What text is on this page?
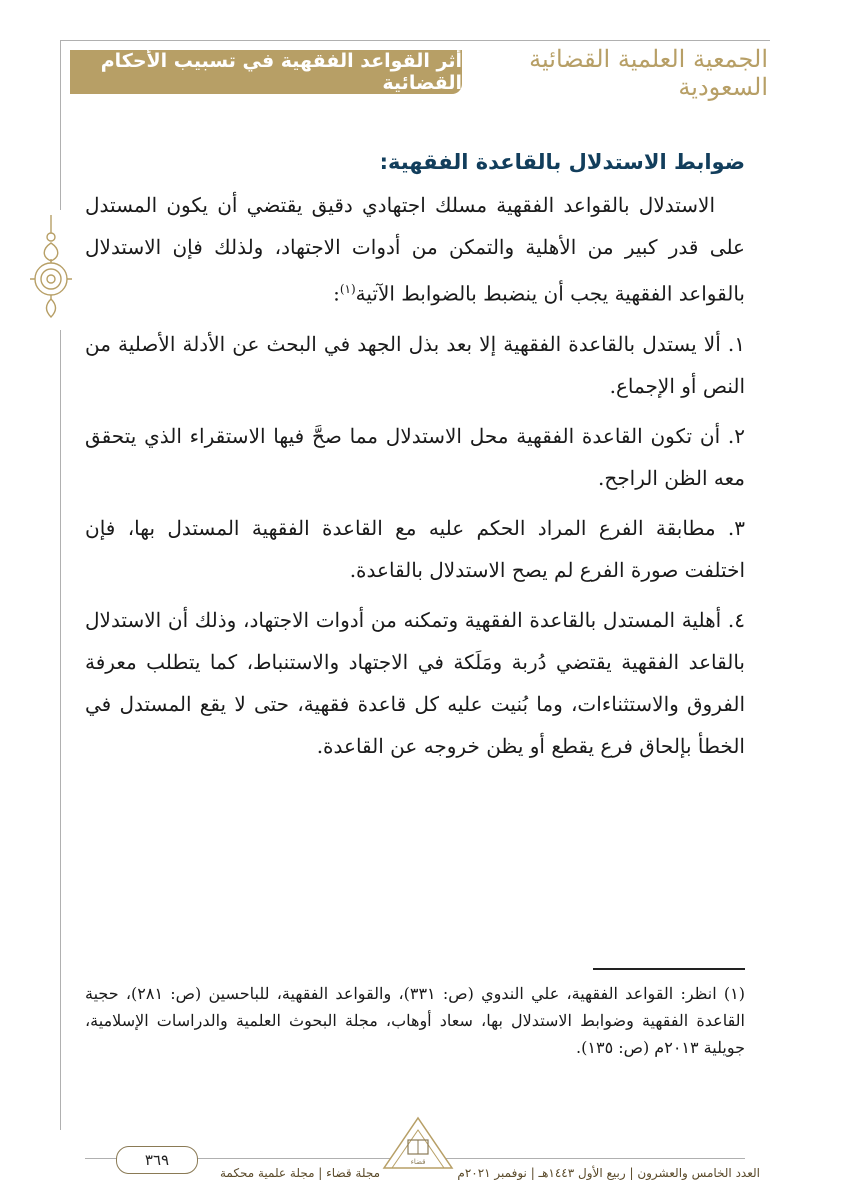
أثر القواعد الفقهية في تسبيب الأحكام القضائية
الجمعية العلمية القضائية السعودية
ضوابط الاستدلال بالقاعدة الفقهية:

الاستدلال بالقواعد الفقهية مسلك اجتهادي دقيق يقتضي أن يكون المستدل على قدر كبير من الأهلية والتمكن من أدوات الاجتهاد، ولذلك فإن الاستدلال بالقواعد الفقهية يجب أن ينضبط بالضوابط الآتية$^{(١)}$:

١. ألا يستدل بالقاعدة الفقهية إلا بعد بذل الجهد في البحث عن الأدلة الأصلية من النص أو الإجماع.

٢. أن تكون القاعدة الفقهية محل الاستدلال مما صحَّ فيها الاستقراء الذي يتحقق معه الظن الراجح.

٣. مطابقة الفرع المراد الحكم عليه مع القاعدة الفقهية المستدل بها، فإن اختلفت صورة الفرع لم يصح الاستدلال بالقاعدة.

٤. أهلية المستدل بالقاعدة الفقهية وتمكنه من أدوات الاجتهاد، وذلك أن الاستدلال بالقاعد الفقهية يقتضي دُربة ومَلَكة في الاجتهاد والاستنباط، كما يتطلب معرفة الفروق والاستثناءات، وما بُنيت عليه كل قاعدة فقهية، حتى لا يقع المستدل في الخطأ بإلحاق فرع يقطع أو يظن خروجه عن القاعدة.

(١) انظر: القواعد الفقهية، علي الندوي (ص: ٣٣١)، والقواعد الفقهية، للباحسين (ص: ٢٨١)، حجية القاعدة الفقهية وضوابط الاستدلال بها، سعاد أوهاب، مجلة البحوث العلمية والدراسات الإسلامية، جويلية ٢٠١٣م (ص: ١٣٥).
٣٦٩	قضاء
العدد الخامس والعشرون | ربيع الأول ١٤٤٣هـ | نوفمبر ٢٠٢١م
مجلة قضاء | مجلة علمية محكمة
